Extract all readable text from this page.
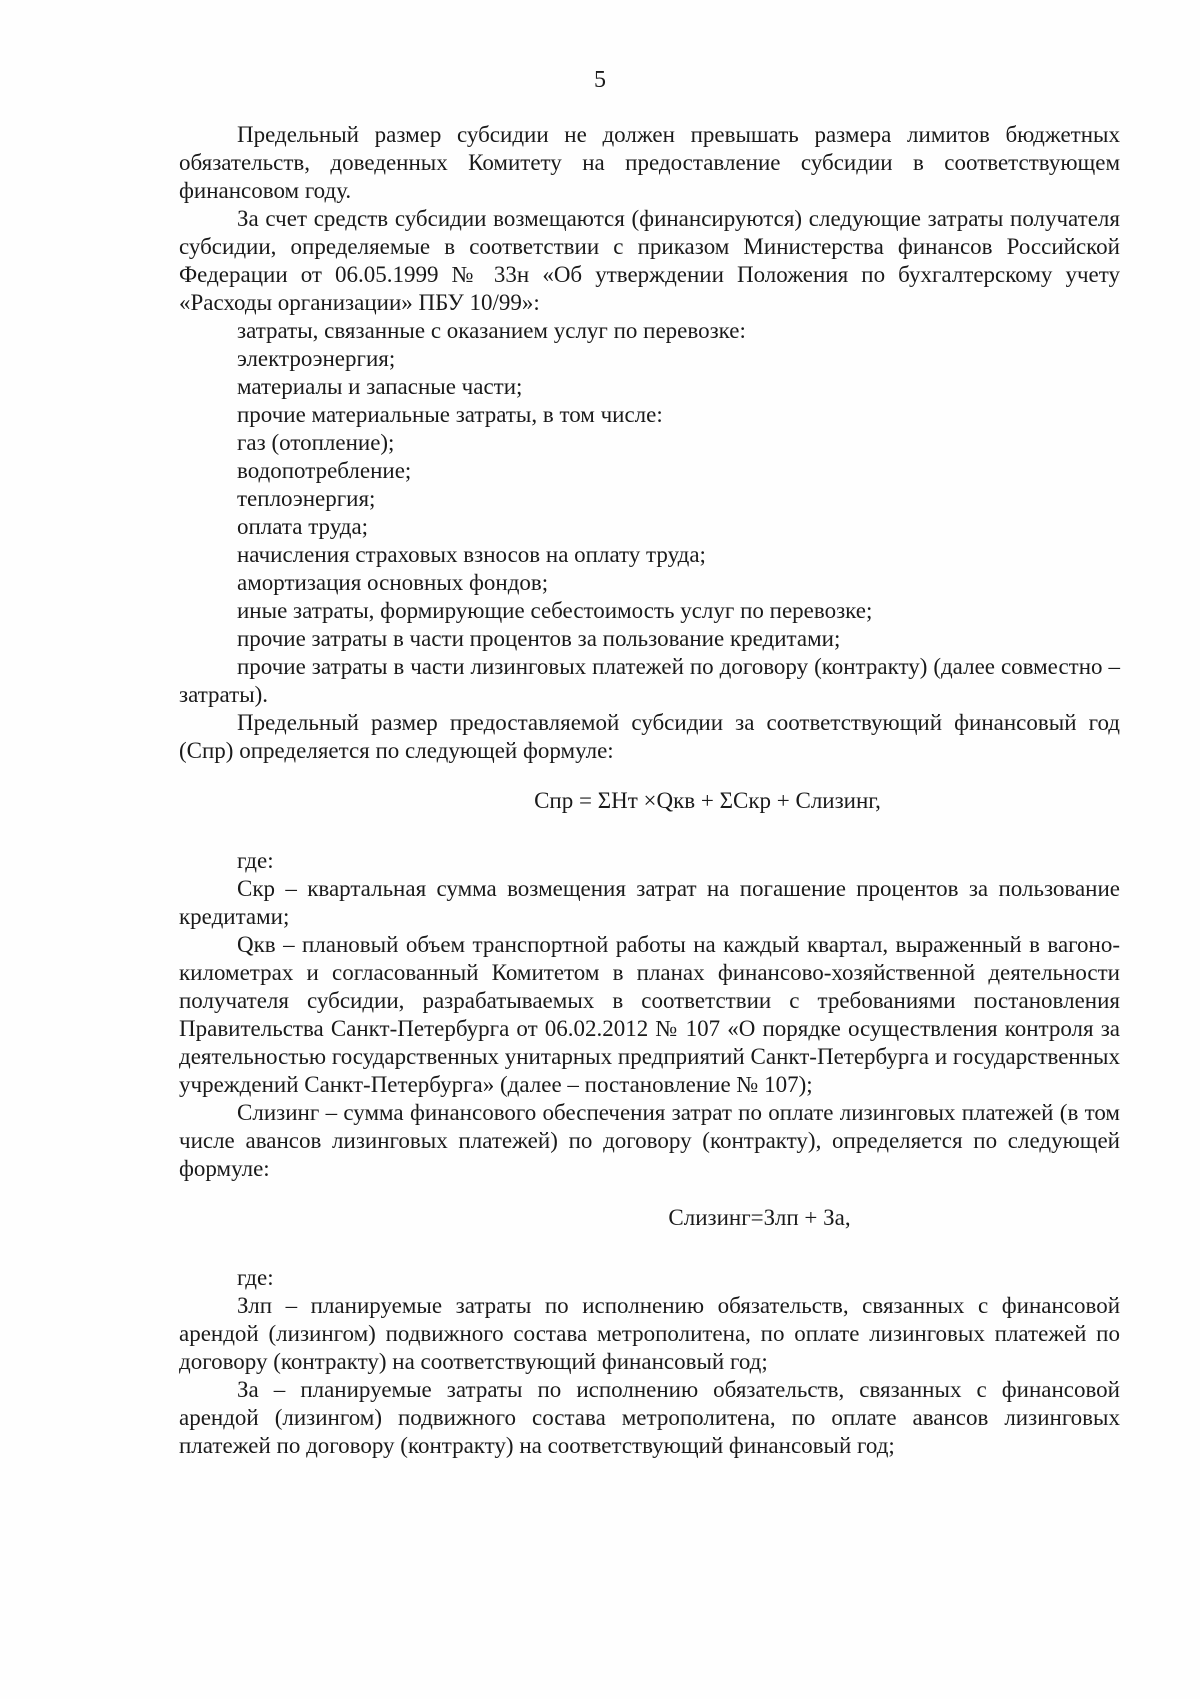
5

Предельный размер субсидии не должен превышать размера лимитов бюджетных обязательств, доведенных Комитету на предоставление субсидии в соответствующем финансовом году.

За счет средств субсидии возмещаются (финансируются) следующие затраты получателя субсидии, определяемые в соответствии с приказом Министерства финансов Российской Федерации от 06.05.1999 № 33н «Об утверждении Положения по бухгалтерскому учету «Расходы организации» ПБУ 10/99»:

затраты, связанные с оказанием услуг по перевозке:

электроэнергия;

материалы и запасные части;

прочие материальные затраты, в том числе:

газ (отопление);

водопотребление;

теплоэнергия;

оплата труда;

начисления страховых взносов на оплату труда;

амортизация основных фондов;

иные затраты, формирующие себестоимость услуг по перевозке;

прочие затраты в части процентов за пользование кредитами;

прочие затраты в части лизинговых платежей по договору (контракту) (далее совместно – затраты).

Предельный размер предоставляемой субсидии за соответствующий финансовый год (Спр) определяется по следующей формуле:

Спр = ΣНт ×Qкв + ΣСкр + Слизинг,

где:

Скр – квартальная сумма возмещения затрат на погашение процентов за пользование кредитами;

Qкв – плановый объем транспортной работы на каждый квартал, выраженный в вагоно-километрах и согласованный Комитетом в планах финансово-хозяйственной деятельности получателя субсидии, разрабатываемых в соответствии с требованиями постановления Правительства Санкт-Петербурга от 06.02.2012 № 107 «О порядке осуществления контроля за деятельностью государственных унитарных предприятий Санкт-Петербурга и государственных учреждений Санкт-Петербурга» (далее – постановление № 107);

Слизинг – сумма финансового обеспечения затрат по оплате лизинговых платежей (в том числе авансов лизинговых платежей) по договору (контракту), определяется по следующей формуле:

Слизинг=Злп + За,

где:

Злп – планируемые затраты по исполнению обязательств, связанных с финансовой арендой (лизингом) подвижного состава метрополитена, по оплате лизинговых платежей по договору (контракту) на соответствующий финансовый год;

За – планируемые затраты по исполнению обязательств, связанных с финансовой арендой (лизингом) подвижного состава метрополитена, по оплате авансов лизинговых платежей по договору (контракту) на соответствующий финансовый год;
